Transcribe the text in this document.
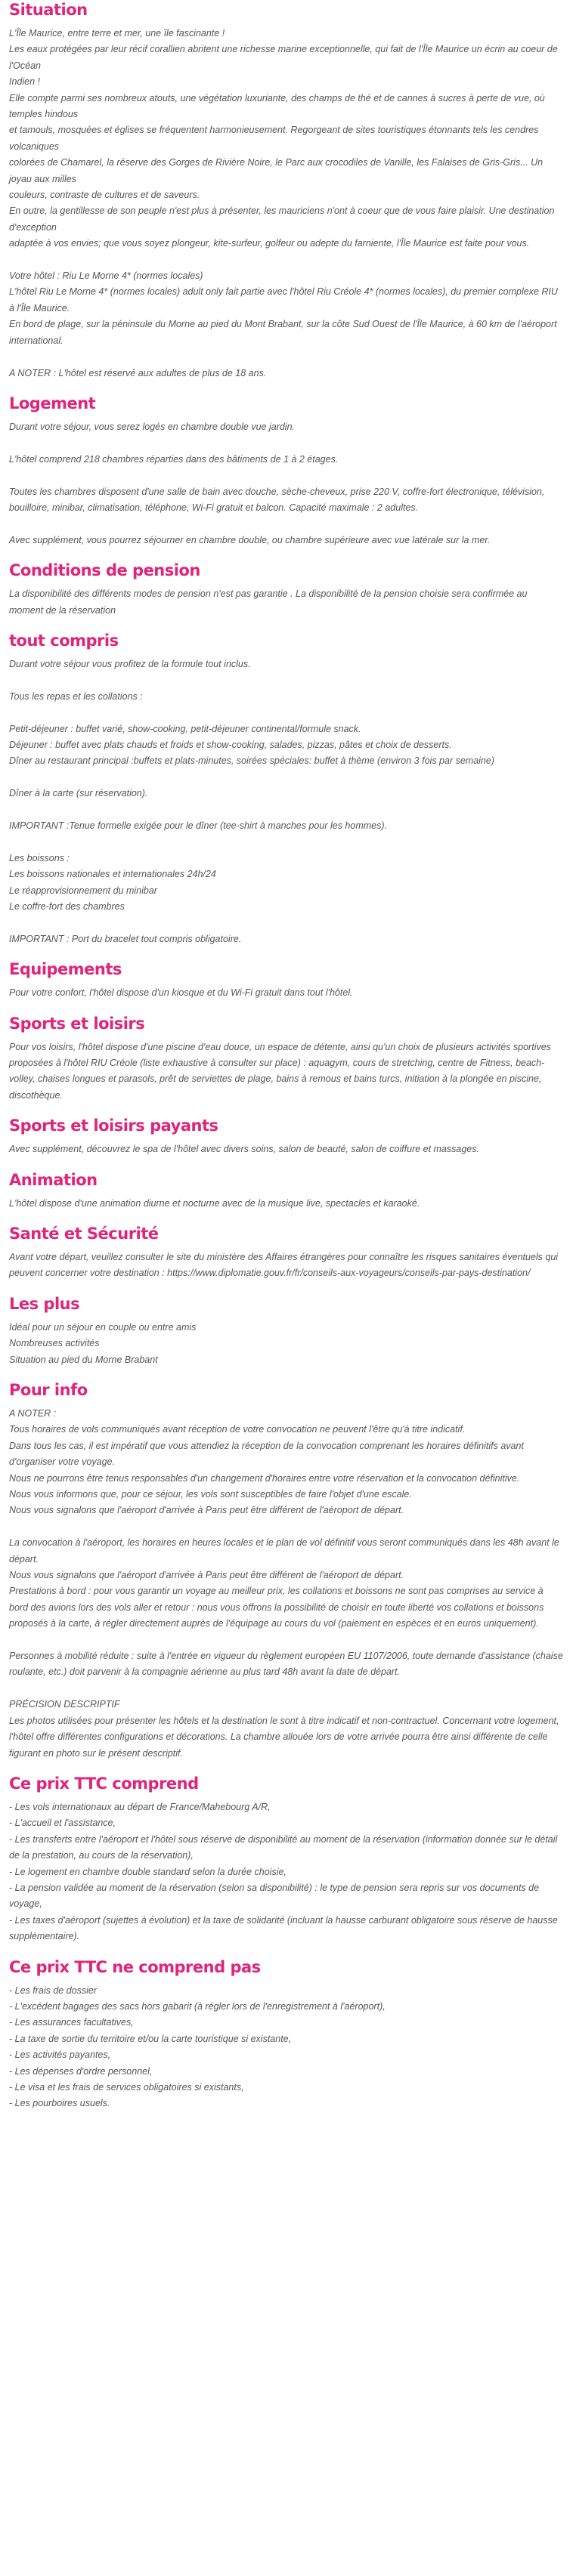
Situation

L'Île Maurice, entre terre et mer, une île fascinante !

Les eaux protégées par leur récif corallien abritent une richesse marine exceptionnelle, qui fait de l'Île Maurice un écrin au coeur de l'Océan

Indien !

Elle compte parmi ses nombreux atouts, une végétation luxuriante, des champs de thé et de cannes à sucres à perte de vue, où temples hindous

et tamouls, mosquées et églises se fréquentent harmonieusement. Regorgeant de sites touristiques étonnants tels les cendres volcaniques

colorées de Chamarel, la réserve des Gorges de Rivière Noire, le Parc aux crocodiles de Vanille, les Falaises de Gris-Gris... Un joyau aux milles

couleurs, contraste de cultures et de saveurs.

En outre, la gentillesse de son peuple n'est plus à présenter, les mauriciens n'ont à coeur que de vous faire plaisir. Une destination d'exception

adaptée à vos envies; que vous soyez plongeur, kite-surfeur, golfeur ou adepte du farniente, l'Île Maurice est faite pour vous.

Votre hôtel : Riu Le Morne 4* (normes locales)

L'hôtel Riu Le Morne 4* (normes locales) adult only fait partie avec l'hôtel Riu Créole 4* (normes locales), du premier complexe RIU à l'Île Maurice.

En bord de plage, sur la péninsule du Morne au pied du Mont Brabant, sur la côte Sud Ouest de l'Île Maurice, à 60 km de l'aéroport international.

A NOTER : L'hôtel est réservé aux adultes de plus de 18 ans.

Logement

Durant votre séjour, vous serez logés en chambre double vue jardin.

L'hôtel comprend 218 chambres réparties dans des bâtiments de 1 à 2 étages.

Toutes les chambres disposent d'une salle de bain avec douche, sèche-cheveux, prise 220 V, coffre-fort électronique, télévision, bouilloire, minibar, climatisation, téléphone, Wi-Fi gratuit et balcon. Capacité maximale : 2 adultes.

Avec supplément, vous pourrez séjourner en chambre double, ou chambre supérieure avec vue latérale sur la mer.

Conditions de pension

La disponibilité des différents modes de pension n'est pas garantie . La disponibilité de la pension choisie sera confirmée au moment de la réservation

tout compris

Durant votre séjour vous profitez de la formule tout inclus.

Tous les repas et les collations :

Petit-déjeuner : buffet varié, show-cooking, petit-déjeuner continental/formule snack.

Déjeuner : buffet avec plats chauds et froids et show-cooking, salades, pizzas, pâtes et choix de desserts.

Dîner au restaurant principal :buffets et plats-minutes, soirées spéciales: buffet à thème (environ 3 fois par semaine)

Dîner à la carte (sur réservation).

IMPORTANT :Tenue formelle exigée pour le dîner (tee-shirt à manches pour les hommes).

Les boissons :

Les boissons nationales et internationales 24h/24

Le réapprovisionnement du minibar

Le coffre-fort des chambres

IMPORTANT : Port du bracelet tout compris obligatoire.

Equipements

Pour votre confort, l'hôtel dispose d'un kiosque et du Wi-Fi gratuit dans tout l'hôtel.

Sports et loisirs

Pour vos loisirs, l'hôtel dispose d'une piscine d'eau douce, un espace de détente, ainsi qu'un choix de plusieurs activités sportives proposées à l'hôtel RIU Créole (liste exhaustive à consulter sur place) : aquagym, cours de stretching, centre de Fitness, beach-volley, chaises longues et parasols, prêt de serviettes de plage, bains à remous et bains turcs, initiation à la plongée en piscine, discothèque.

Sports et loisirs payants

Avec supplément, découvrez le spa de l'hôtel avec divers soins, salon de beauté, salon de coiffure et massages.

Animation

L'hôtel dispose d'une animation diurne et nocturne avec de la musique live, spectacles et karaoké.

Santé et Sécurité

Avant votre départ, veuillez consulter le site du ministère des Affaires étrangères pour connaître les risques sanitaires éventuels qui peuvent concerner votre destination : https://www.diplomatie.gouv.fr/fr/conseils-aux-voyageurs/conseils-par-pays-destination/

Les plus

Idéal pour un séjour en couple ou entre amis

Nombreuses activités

Situation au pied du Morne Brabant

Pour info

A NOTER :

Tous horaires de vols communiqués avant réception de votre convocation ne peuvent l'être qu'à titre indicatif.

Dans tous les cas, il est impératif que vous attendiez la réception de la convocation comprenant les horaires définitifs avant d'organiser votre voyage.

Nous ne pourrons être tenus responsables d'un changement d'horaires entre votre réservation et la convocation définitive.

Nous vous informons que, pour ce séjour, les vols sont susceptibles de faire l'objet d'une escale.

Nous vous signalons que l'aéroport d'arrivée à Paris peut être différent de l'aéroport de départ.

La convocation à l'aéroport, les horaires en heures locales et le plan de vol définitif vous seront communiqués dans les 48h avant le départ.

Nous vous signalons que l'aéroport d'arrivée à Paris peut être différent de l'aéroport de départ.

Prestations à bord : pour vous garantir un voyage au meilleur prix, les collations et boissons ne sont pas comprises au service à bord des avions lors des vols aller et retour : nous vous offrons la possibilité de choisir en toute liberté vos collations et boissons proposés à la carte, à régler directement auprès de l'équipage au cours du vol (paiement en espèces et en euros uniquement).

Personnes à mobilité réduite : suite à l'entrée en vigueur du règlement européen EU 1107/2006, toute demande d'assistance (chaise roulante, etc.) doit parvenir à la compagnie aérienne au plus tard 48h avant la date de départ.

PRÉCISION DESCRIPTIF

Les photos utilisées pour présenter les hôtels et la destination le sont à titre indicatif et non-contractuel. Concernant votre logement, l'hôtel offre différentes configurations et décorations. La chambre allouée lors de votre arrivée pourra être ainsi différente de celle figurant en photo sur le présent descriptif.

Ce prix TTC comprend

- Les vols internationaux au départ de France/Mahebourg A/R,

- L'accueil et l'assistance,

- Les transferts entre l'aéroport et l'hôtel sous réserve de disponibilité au moment de la réservation (information donnée sur le détail de la prestation, au cours de la réservation),

- Le logement en chambre double standard selon la durée choisie,

- La pension validée au moment de la réservation (selon sa disponibilité) : le type de pension sera repris sur vos documents de voyage,

- Les taxes d'aéroport (sujettes à évolution) et la taxe de solidarité (incluant la hausse carburant obligatoire sous réserve de hausse supplémentaire).

Ce prix TTC ne comprend pas

- Les frais de dossier

- L'excédent bagages des sacs hors gabarit (à régler lors de l'enregistrement à l'aéroport),

- Les assurances facultatives,

- La taxe de sortie du territoire et/ou la carte touristique si existante,

- Les activités payantes,

- Les dépenses d'ordre personnel,

- Le visa et les frais de services obligatoires si existants,

- Les pourboires usuels.
